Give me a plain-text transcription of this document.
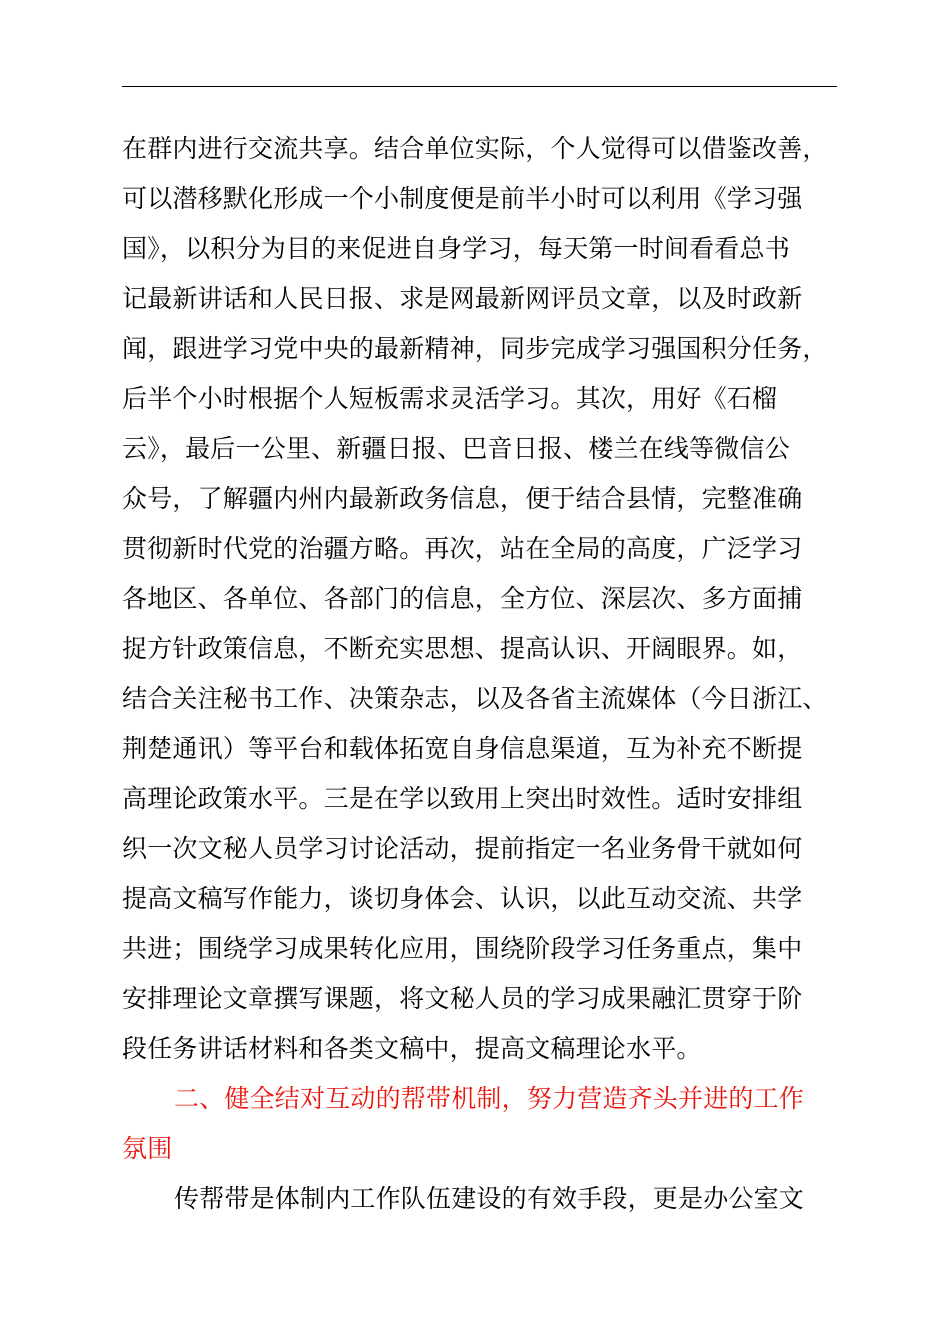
在群内进行交流共享。结合单位实际，个人觉得可以借鉴改善，
可以潜移默化形成一个小制度便是前半小时可以利用《学习强
国》，以积分为目的来促进自身学习，每天第一时间看看总书
记最新讲话和人民日报、求是网最新网评员文章，以及时政新
闻，跟进学习党中央的最新精神，同步完成学习强国积分任务，
后半个小时根据个人短板需求灵活学习。其次，用好《石榴
云》，最后一公里、新疆日报、巴音日报、楼兰在线等微信公
众号，了解疆内州内最新政务信息，便于结合县情，完整准确
贯彻新时代党的治疆方略。再次，站在全局的高度，广泛学习
各地区、各单位、各部门的信息，全方位、深层次、多方面捕
捉方针政策信息，不断充实思想、提高认识、开阔眼界。如，
结合关注秘书工作、决策杂志，以及各省主流媒体（今日浙江、
荆楚通讯）等平台和载体拓宽自身信息渠道，互为补充不断提
高理论政策水平。三是在学以致用上突出时效性。适时安排组
织一次文秘人员学习讨论活动，提前指定一名业务骨干就如何
提高文稿写作能力，谈切身体会、认识，以此互动交流、共学
共进；围绕学习成果转化应用，围绕阶段学习任务重点，集中
安排理论文章撰写课题，将文秘人员的学习成果融汇贯穿于阶
段任务讲话材料和各类文稿中，提高文稿理论水平。
二、健全结对互动的帮带机制，努力营造齐头并进的工作
氛围
传帮带是体制内工作队伍建设的有效手段，更是办公室文
